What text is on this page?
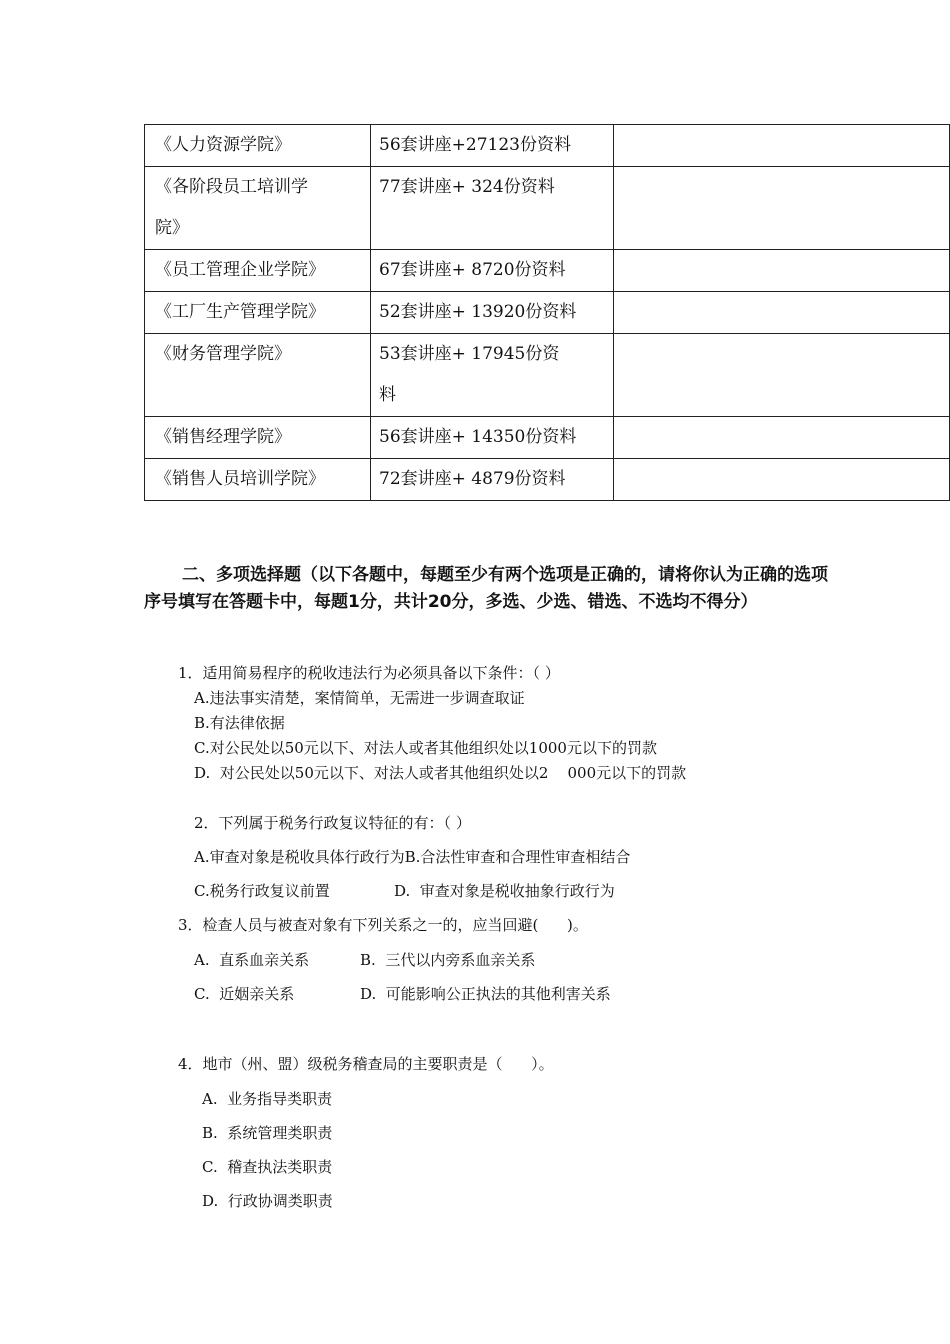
《人力资源学院》	56套讲座+27123份资料	
《各阶段员工培训学院》	77套讲座+ 324份资料	
《员工管理企业学院》	67套讲座+ 8720份资料	
《工厂生产管理学院》	52套讲座+ 13920份资料	
《财务管理学院》	53套讲座+ 17945份资料	
《销售经理学院》	56套讲座+ 14350份资料	
《销售人员培训学院》	72套讲座+ 4879份资料	
二、多项选择题（以下各题中，每题至少有两个选项是正确的，请将你认为正确的选项序号填写在答题卡中，每题1分，共计20分，多选、少选、错选、不选均不得分）
1．适用简易程序的税收违法行为必须具备以下条件：（ ）
A.违法事实清楚，案情简单，无需进一步调查取证
B.有法律依据
C.对公民处以50元以下、对法人或者其他组织处以1000元以下的罚款
D.  对公民处以50元以下、对法人或者其他组织处以2    000元以下的罚款
2．下列属于税务行政复议特征的有：（ ）
A.审查对象是税收具体行政行为B.合法性审查和合理性审查相结合
C.税务行政复议前置	D.  审查对象是税收抽象行政行为
3．检查人员与被查对象有下列关系之一的，应当回避(      )。
A.  直系血亲关系	B.  三代以内旁系血亲关系
C.  近姻亲关系	D.  可能影响公正执法的其他利害关系
4．地市（州、盟）级税务稽查局的主要职责是（      ）。
A.  业务指导类职责
B.  系统管理类职责
C.  稽查执法类职责
D.  行政协调类职责
